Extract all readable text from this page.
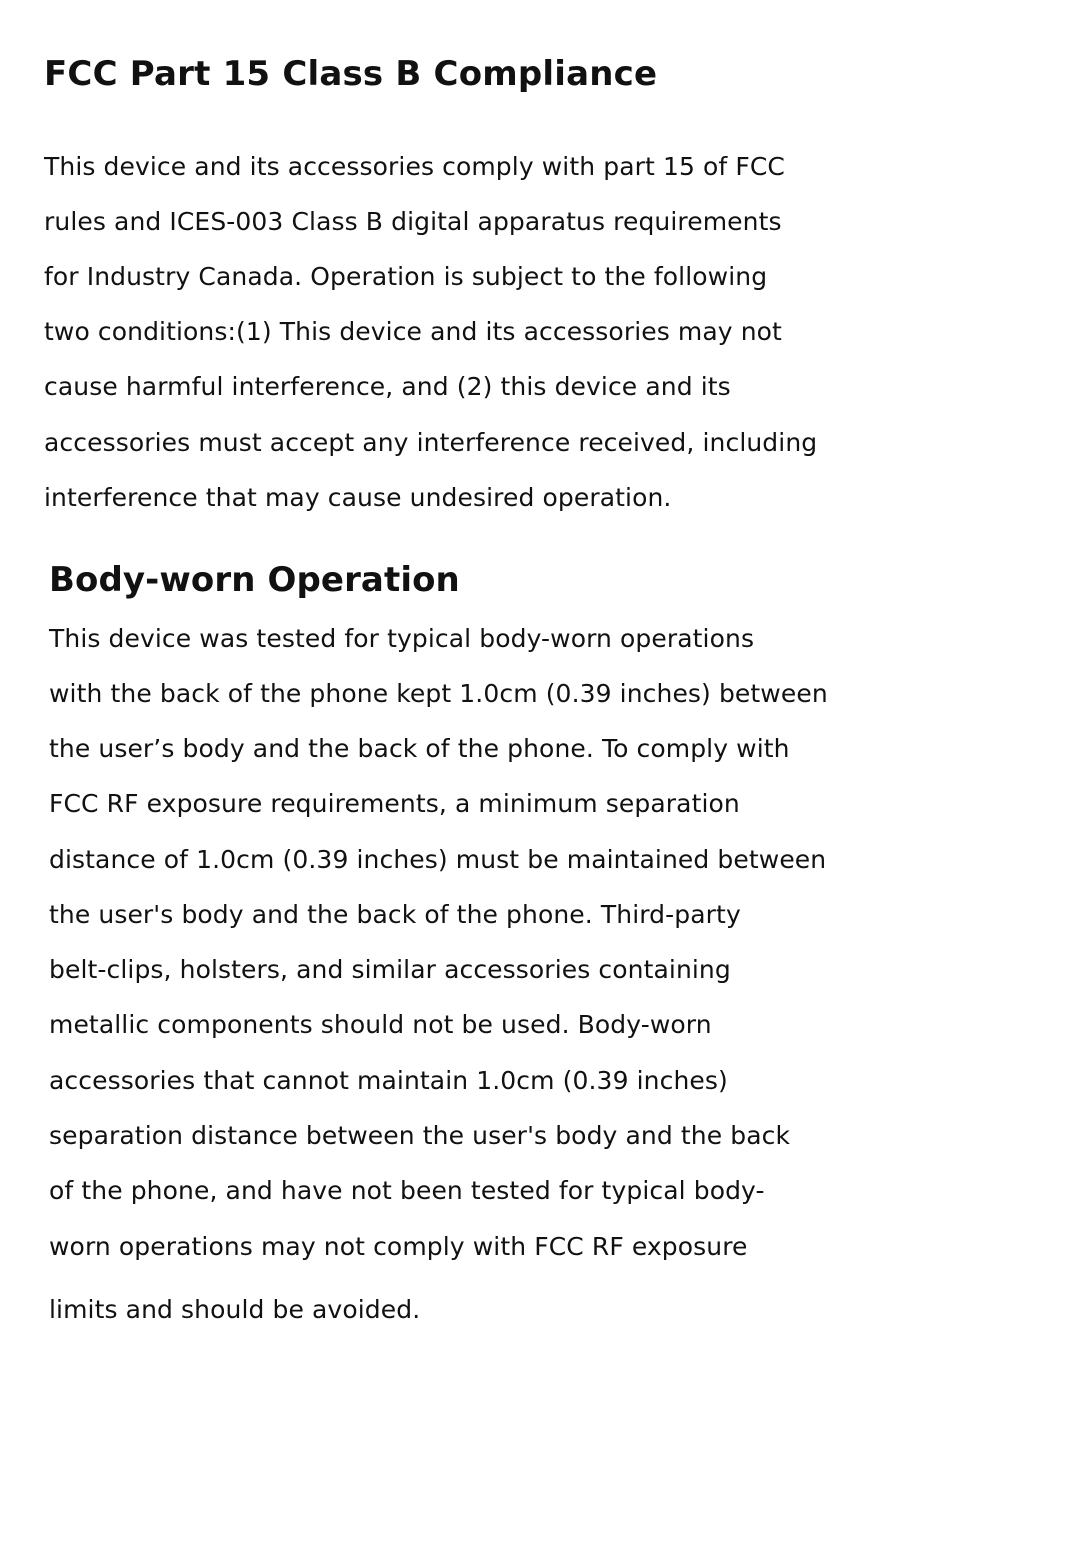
FCC Part 15 Class B Compliance

This device and its accessories comply with part 15 of FCC

rules and ICES-003 Class B digital apparatus requirements

for Industry Canada. Operation is subject to the following

two conditions:(1) This device and its accessories may not

cause harmful interference, and (2) this device and its

accessories must accept any interference received, including

interference that may cause undesired operation.

Body-worn Operation

This device was tested for typical body-worn operations

with the back of the phone kept 1.0cm (0.39 inches) between

the user’s body and the back of the phone. To comply with

FCC RF exposure requirements, a minimum separation

distance of 1.0cm (0.39 inches) must be maintained between

the user's body and the back of the phone. Third-party

belt-clips, holsters, and similar accessories containing

metallic components should not be used. Body-worn

accessories that cannot maintain 1.0cm (0.39 inches)

separation distance between the user's body and the back

of the phone, and have not been tested for typical body-

worn operations may not comply with FCC RF exposure

limits and should be avoided.
